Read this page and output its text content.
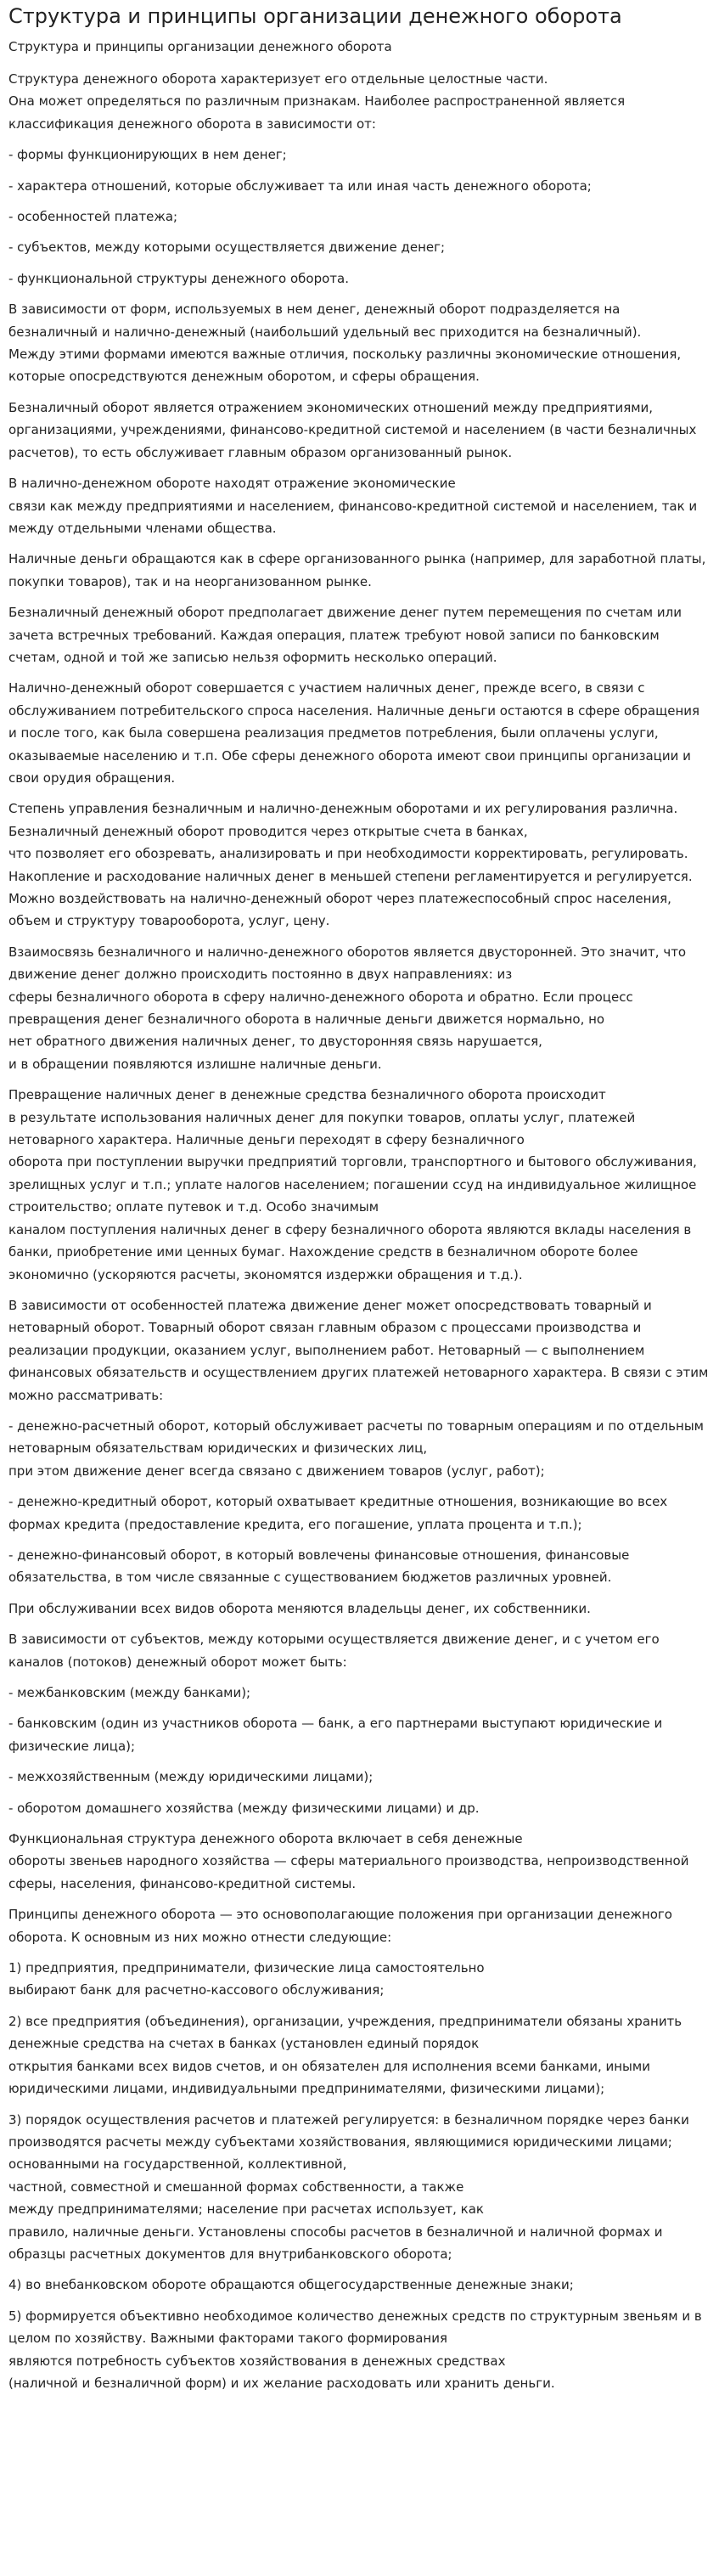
Структура и принципы организации денежного оборота
Структура и принципы организации денежного оборота

Структура денежного оборота характеризует его отдельные целостные части.
Она может определяться по различным признакам. Наиболее распространенной является классификация денежного оборота в зависимости от:

- формы функционирующих в нем денег;

- характера отношений, которые обслуживает та или иная часть денежного оборота;

- особенностей платежа;

- субъектов, между которыми осуществляется движение денег;

- функциональной структуры денежного оборота.

В зависимости от форм, используемых в нем денег, денежный оборот подразделяется на безналичный и налично-денежный (наибольший удельный вес приходится на безналичный).
Между этими формами имеются важные отличия, поскольку различны экономические отношения, которые опосредствуются денежным оборотом, и сферы обращения.

Безналичный оборот является отражением экономических отношений между предприятиями, организациями, учреждениями, финансово-кредитной системой и населением (в части безналичных расчетов), то есть обслуживает главным образом организованный рынок.

В налично-денежном обороте находят отражение экономические
связи как между предприятиями и населением, финансово-кредитной системой и населением, так и между отдельными членами общества.

Наличные деньги обращаются как в сфере организованного рынка (например, для заработной платы, покупки товаров), так и на неорганизованном рынке.

Безналичный денежный оборот предполагает движение денег путем перемещения по счетам или зачета встречных требований. Каждая операция, платеж требуют новой записи по банковским счетам, одной и той же записью нельзя оформить несколько операций.

Налично-денежный оборот совершается с участием наличных денег, прежде всего, в связи с обслуживанием потребительского спроса населения. Наличные деньги остаются в сфере обращения и после того, как была совершена реализация предметов потребления, были оплачены услуги, оказываемые населению и т.п. Обе сферы денежного оборота имеют свои принципы организации и свои орудия обращения.

Степень управления безналичным и налично-денежным оборотами и их регулирования различна. Безналичный денежный оборот проводится через открытые счета в банках,
что позволяет его обозревать, анализировать и при необходимости корректировать, регулировать. Накопление и расходование наличных денег в меньшей степени регламентируется и регулируется. Можно воздействовать на налично-денежный оборот через платежеспособный спрос населения, объем и структуру товарооборота, услуг, цену.

Взаимосвязь безналичного и налично-денежного оборотов является двусторонней. Это значит, что движение денег должно происходить постоянно в двух направлениях: из
сферы безналичного оборота в сферу налично-денежного оборота и обратно. Если процесс превращения денег безналичного оборота в наличные деньги движется нормально, но
нет обратного движения наличных денег, то двусторонняя связь нарушается,
и в обращении появляются излишне наличные деньги.

Превращение наличных денег в денежные средства безналичного оборота происходит
в результате использования наличных денег для покупки товаров, оплаты услуг, платежей нетоварного характера. Наличные деньги переходят в сферу безналичного
оборота при поступлении выручки предприятий торговли, транспортного и бытового обслуживания, зрелищных услуг и т.п.; уплате налогов населением; погашении ссуд на индивидуальное жилищное строительство; оплате путевок и т.д. Особо значимым
каналом поступления наличных денег в сферу безналичного оборота являются вклады населения в банки, приобретение ими ценных бумаг. Нахождение средств в безналичном обороте более экономично (ускоряются расчеты, экономятся издержки обращения и т.д.).

В зависимости от особенностей платежа движение денег может опосредствовать товарный и нетоварный оборот. Товарный оборот связан главным образом с процессами производства и реализации продукции, оказанием услуг, выполнением работ. Нетоварный — с выполнением финансовых обязательств и осуществлением других платежей нетоварного характера. В связи с этим можно рассматривать:

- денежно-расчетный оборот, который обслуживает расчеты по товарным операциям и по отдельным нетоварным обязательствам юридических и физических лиц,
при этом движение денег всегда связано с движением товаров (услуг, работ);

- денежно-кредитный оборот, который охватывает кредитные отношения, возникающие во всех формах кредита (предоставление кредита, его погашение, уплата процента и т.п.);

- денежно-финансовый оборот, в который вовлечены финансовые отношения, финансовые обязательства, в том числе связанные с существованием бюджетов различных уровней.

При обслуживании всех видов оборота меняются владельцы денег, их собственники.

В зависимости от субъектов, между которыми осуществляется движение денег, и с учетом его каналов (потоков) денежный оборот может быть:

- межбанковским (между банками);

- банковским (один из участников оборота — банк, а его партнерами выступают юридические и физические лица);

- межхозяйственным (между юридическими лицами);

- оборотом домашнего хозяйства (между физическими лицами) и др.

Функциональная структура денежного оборота включает в себя денежные
обороты звеньев народного хозяйства — сферы материального производства, непроизводственной сферы, населения, финансово-кредитной системы.

Принципы денежного оборота — это основополагающие положения при организации денежного оборота. К основным из них можно отнести следующие:

1) предприятия, предприниматели, физические лица самостоятельно
выбирают банк для расчетно-кассового обслуживания;

2) все предприятия (объединения), организации, учреждения, предприниматели обязаны хранить денежные средства на счетах в банках (установлен единый порядок
открытия банками всех видов счетов, и он обязателен для исполнения всеми банками, иными юридическими лицами, индивидуальными предпринимателями, физическими лицами);

3) порядок осуществления расчетов и платежей регулируется: в безналичном порядке через банки производятся расчеты между субъектами хозяйствования, являющимися юридическими лицами; основанными на государственной, коллективной,
частной, совместной и смешанной формах собственности, а также
между предпринимателями; население при расчетах использует, как
правило, наличные деньги. Установлены способы расчетов в безналичной и наличной формах и образцы расчетных документов для внутрибанковского оборота;

4) во внебанковском обороте обращаются общегосударственные денежные знаки;

5) формируется объективно необходимое количество денежных средств по структурным звеньям и в целом по хозяйству. Важными факторами такого формирования
являются потребность субъектов хозяйствования в денежных средствах
(наличной и безналичной форм) и их желание расходовать или хранить деньги.
